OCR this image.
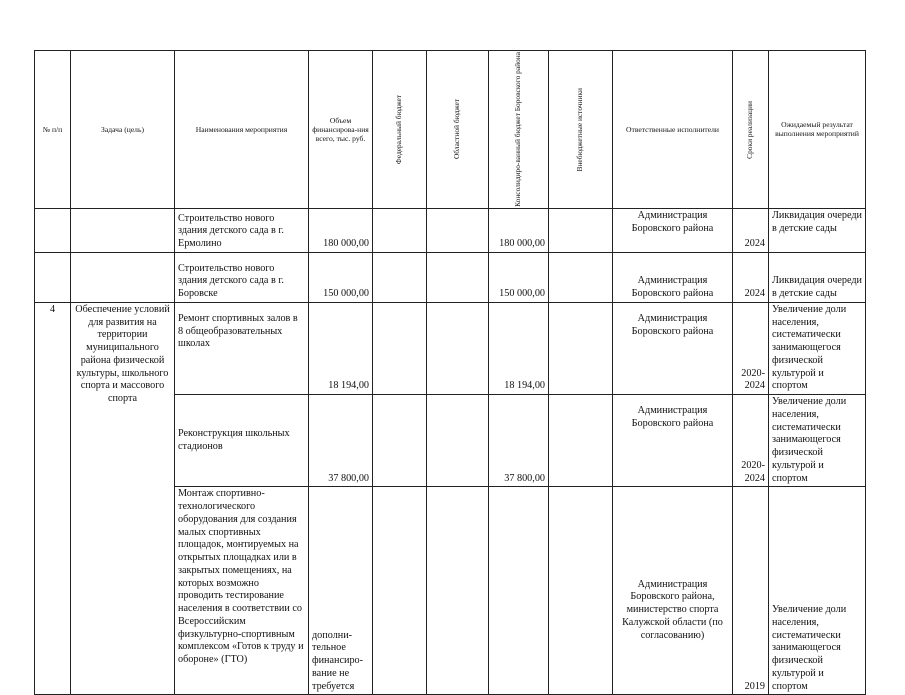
№ п/п	Задача (цель)	Наименования мероприятия	Объем финансирова-ния всего, тыс. руб.	Федеральный бюджет	Областной бюджет	Консолидиро-ванный бюджет Боровского района	Внебюджетные источники	Ответственные исполнители	Сроки реализации	Ожидаемый результат выполнения мероприятий
		Строительство нового здания детского сада в г. Ермолино	180 000,00			180 000,00		Администрация Боровского района	2024	Ликвидация очереди в детские сады
		Строительство нового здания детского сада в г. Боровске	150 000,00			150 000,00		Администрация Боровского района	2024	Ликвидация очереди в детские сады
4	Обеспечение условий для развития на территории муниципального района физической культуры, школьного спорта и массового спорта	Ремонт спортивных залов в 8 общеобразовательных школах	18 194,00			18 194,00		Администрация Боровского района	2020-2024	Увеличение доли населения, систематически занимающегося физической культурой и спортом
		Реконструкция школьных стадионов	37 800,00			37 800,00		Администрация Боровского района	2020-2024	Увеличение доли населения, систематически занимающегося физической культурой и спортом
		Монтаж спортивно-технологического оборудования для создания малых спортивных площадок, монтируемых на открытых площадках или в закрытых помещениях, на которых возможно проводить тестирование населения в соответствии со Всероссийским физкультурно-спортивным комплексом «Готов к труду и обороне» (ГТО)	дополни-тельное финансиро-вание не требуется					Администрация Боровского района, министерство спорта Калужской области (по согласованию)	2019	Увеличение доли населения, систематически занимающегося физической культурой и спортом
